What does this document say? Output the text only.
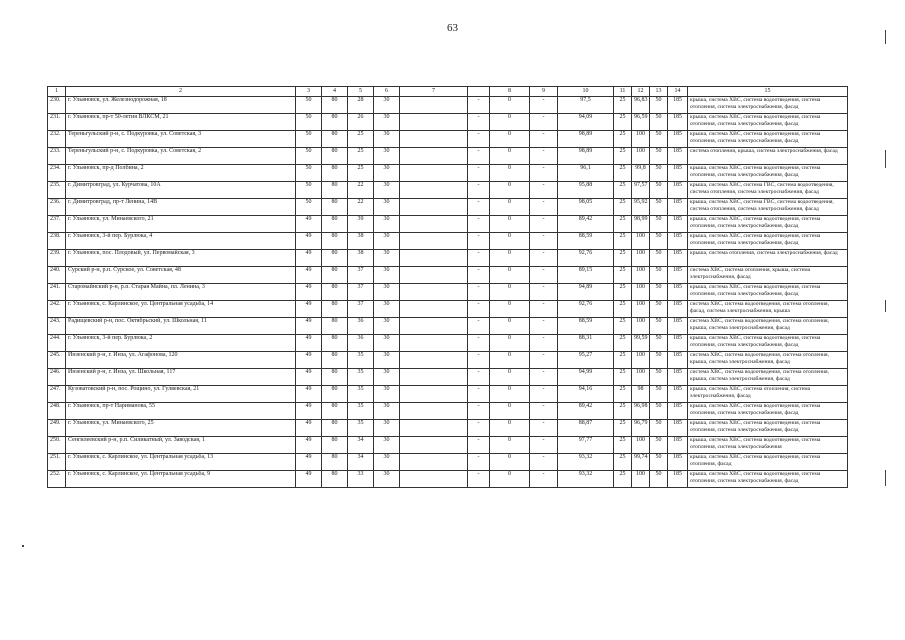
63
1	2	3	4	5	6	7		8	9	10	11	12	13	14	15
230.	г. Ульяновск, ул. Железнодорожная, 18	50	80	28	30		-	0	-	97,5	25	96,83	50	185	крыша, система ХВС, система водоотведения, система отопления, система электроснабжения, фасад
231.	г. Ульяновск, пр-т 50-летия ВЛКСМ, 21	50	80	26	30		-	0	-	94,09	25	96,59	50	185	крыша, система ХВС, система водоотведения, система отопления, система электроснабжения, фасад
232.	Тереньгульский р-н, с. Подкуровка, ул. Советская, 3	50	80	25	30		-	0	-	98,89	25	100	50	185	крыша, система ХВС, система водоотведения, система отопления, система электроснабжения, фасад
233.	Тереньгульский р-н, с. Подкуровка, ул. Советская, 2	50	80	25	30		-	0	-	98,89	25	100	50	185	система отопления, крыша, система электроснабжения, фасад
234.	г. Ульяновск, пр-д Полбина, 2	50	80	25	30		-	0	-	96,1	25	99,8	50	185	крыша, система ХВС, система водоотведения, система отопления, система электроснабжения, фасад
235.	г. Димитровград, ул. Курчатова, 10А	50	80	22	30		-	0	-	95,88	25	97,57	50	185	крыша, система ХВС, система ГВС, система водоотведения, система отопления, система электроснабжения, фасад
236.	г. Димитровград, пр-т Ленина, 14В	50	80	22	30		-	0	-	98,05	25	95,92	50	185	крыша, система ХВС, система ГВС, система водоотведения, система отопления, система электроснабжения, фасад
237.	г. Ульяновск, ул. Минаевского, 21	49	80	39	30		-	0	-	89,42	25	98,99	50	185	крыша, система ХВС, система водоотведения, система отопления, система электроснабжения, фасад
238.	г. Ульяновск, 3-й пер. Бурлюка, 4	49	80	38	30		-	0	-	88,59	25	100	50	185	крыша, система ХВС, система водоотведения, система отопления, система электроснабжения, фасад
239.	г. Ульяновск, пос. Плодовый, ул. Первомайская, 3	49	80	38	30		-	0	-	92,76	25	100	50	185	крыша, система отопления, система электроснабжения, фасад
240.	Сурский р-н, р.п. Сурское, ул. Советская, 48	49	80	37	30		-	0	-	89,15	25	100	50	185	система ХВС, система отопления, крыша, система электроснабжения, фасад
241.	Старомайнский р-н, р.п. Старая Майна, пл. Ленина, 3	49	80	37	30		-	0	-	94,89	25	100	50	185	крыша, система ХВС, система водоотведения, система отопления, система электроснабжения, фасад
242.	г. Ульяновск, с. Карлинское, ул. Центральная усадьба, 14	49	80	37	30		-	0	-	92,76	25	100	50	185	система ХВС, система водоотведения, система отопления, фасад, система электроснабжения, крыша
243.	Радищевский р-н, пос. Октябрьский, ул. Школьная, 11	49	80	36	30		-	0	-	88,59	25	100	50	185	система ХВС, система водоотведения, система отопления, крыша, система электроснабжения, фасад
244.	г. Ульяновск, 3-й пер. Бурлюка, 2	49	80	36	30		-	0	-	88,31	25	99,59	50	185	крыша, система ХВС, система водоотведения, система отопления, система электроснабжения, фасад
245.	Инзенский р-н, г. Инза, ул. Агафонова, 120	49	80	35	30		-	0	-	95,27	25	100	50	185	система ХВС, система водоотведения, система отопления, крыша, система электроснабжения, фасад
246.	Инзенский р-н, г. Инза, ул. Школьная, 117	49	80	35	30		-	0	-	94,99	25	100	50	185	система ХВС, система водоотведения, система отопления, крыша, система электроснабжения, фасад
247.	Кузоватовский р-н, пос. Рощино, ул. Гуляевская, 21	49	80	35	30		-	0	-	94,16	25	98	50	185	крыша, система ХВС, система отопления, система электроснабжения, фасад
248.	г. Ульяновск, пр-т Нариманова, 55	49	80	35	30		-	0	-	89,42	25	96,98	50	185	крыша, система ХВС, система водоотведения, система отопления, система электроснабжения, фасад
249.	г. Ульяновск, ул. Минаевского, 25	49	80	35	30		-	0	-	88,87	25	96,79	50	185	крыша, система ХВС, система водоотведения, система отопления, система электроснабжения, фасад
250.	Сенгилеевский р-н, р.п. Силикатный, ул. Заводская, 1	49	80	34	30		-	0	-	97,77	25	100	50	185	крыша, система ХВС, система водоотведения, система отопления, система электроснабжения
251.	г. Ульяновск, с. Карлинское, ул. Центральная усадьба, 13	49	80	34	30		-	0	-	93,32	25	99,74	50	185	крыша, система ХВС, система водоотведения, система отопления, фасад
252.	г. Ульяновск, с. Карлинское, ул. Центральная усадьба, 9	49	80	33	30		-	0	-	93,32	25	100	50	185	крыша, система ХВС, система водоотведения, система отопления, система электроснабжения, фасад
